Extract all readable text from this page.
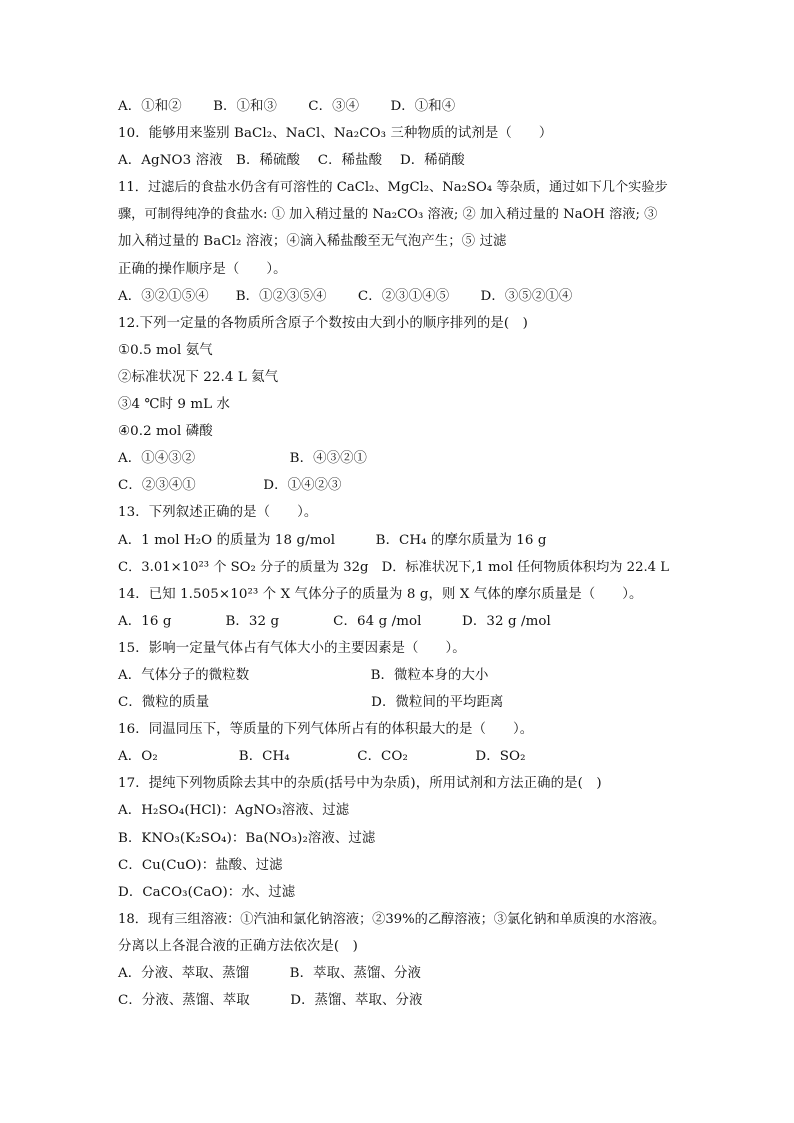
A．①和②　　 B．①和③　　 C．③④　　 D．①和④
10．能够用来鉴别 BaCl₂、NaCl、Na₂CO₃ 三种物质的试剂是（　　）
A．AgNO3 溶液　B．稀硫酸　 C．稀盐酸　 D．稀硝酸
11．过滤后的食盐水仍含有可溶性的 CaCl₂、MgCl₂、Na₂SO₄ 等杂质，通过如下几个实验步
骤，可制得纯净的食盐水: ① 加入稍过量的 Na₂CO₃ 溶液; ② 加入稍过量的 NaOH 溶液; ③
加入稍过量的 BaCl₂ 溶液；④滴入稀盐酸至无气泡产生；⑤ 过滤
正确的操作顺序是（　　）。
A．③②①⑤④　　B．①②③⑤④　　 C．②③①④⑤　　 D．③⑤②①④
12.下列一定量的各物质所含原子个数按由大到小的顺序排列的是(　)
①0.5 mol 氨气
②标准状况下 22.4 L 氦气
③4 ℃时 9 mL 水
④0.2 mol 磷酸
A．①④③②　　　　　　　B．④③②①
C．②③④①　　　　　D．①④②③
13．下列叙述正确的是（　　）。
A．1 mol H₂O 的质量为 18 g/mol　　　B．CH₄ 的摩尔质量为 16 g
C．3.01×10²³ 个 SO₂ 分子的质量为 32g　D．标准状况下,1 mol 任何物质体积均为 22.4 L
14．已知 1.505×10²³ 个 X 气体分子的质量为 8 g，则 X 气体的摩尔质量是（　　）。
A．16 g　　　　B．32 g　　　　C．64 g /mol　　　D．32 g /mol
15．影响一定量气体占有气体大小的主要因素是（　　）。
A．气体分子的微粒数　　　　　　　　　B．微粒本身的大小
C．微粒的质量　　　　　　　　　　　　D．微粒间的平均距离
16．同温同压下，等质量的下列气体所占有的体积最大的是（　　）。
A．O₂　　　　　　B．CH₄　　　　　C．CO₂　　　　　D．SO₂
17．提纯下列物质除去其中的杂质(括号中为杂质)，所用试剂和方法正确的是(　)
A．H₂SO₄(HCl)：AgNO₃溶液、过滤
B．KNO₃(K₂SO₄)：Ba(NO₃)₂溶液、过滤
C．Cu(CuO)：盐酸、过滤
D．CaCO₃(CaO)：水、过滤
18．现有三组溶液：①汽油和氯化钠溶液；②39%的乙醇溶液；③氯化钠和单质溴的水溶液。
分离以上各混合液的正确方法依次是(　)
A．分液、萃取、蒸馏　　　B．萃取、蒸馏、分液
C．分液、蒸馏、萃取　　　D．蒸馏、萃取、分液
